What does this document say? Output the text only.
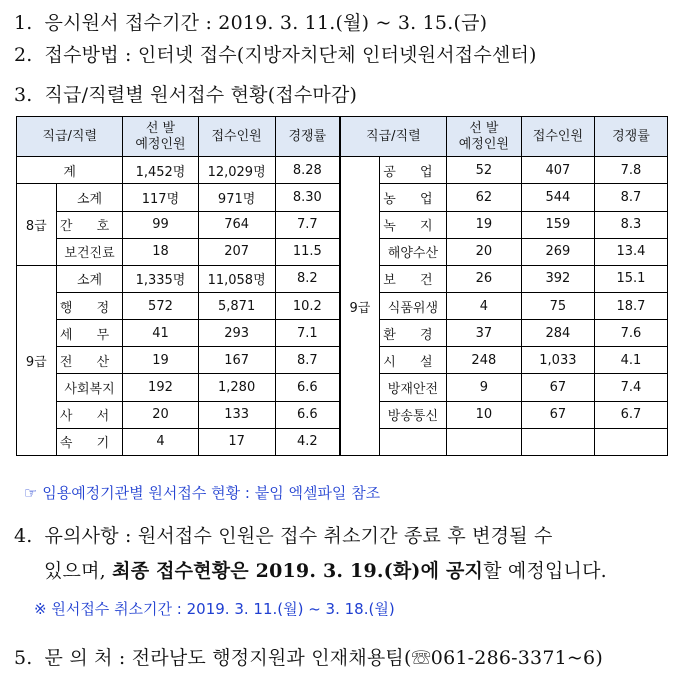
1. 응시원서 접수기간 : 2019. 3. 11.(월) ~ 3. 15.(금)
2. 접수방법 : 인터넷 접수(지방자치단체 인터넷원서접수센터)
3. 직급/직렬별 원서접수 현황(접수마감)
직급/직렬		선 발
예정인원	접수인원	경쟁률	직급/직렬		선 발
예정인원	접수인원	경쟁률
계		1,452명	12,029명	8.28	9급	공 업	52	407	7.8
8급	소계	117명	971명	8.30		농 업	62	544	8.7
	간 호	99	764	7.7		녹 지	19	159	8.3
	보건진료	18	207	11.5		해양수산	20	269	13.4
9급	소계	1,335명	11,058명	8.2		보 건	26	392	15.1
	행 정	572	5,871	10.2		식품위생	4	75	18.7
	세 무	41	293	7.1		환 경	37	284	7.6
	전 산	19	167	8.7		시 설	248	1,033	4.1
	사회복지	192	1,280	6.6		방재안전	9	67	7.4
	사 서	20	133	6.6		방송통신	10	67	6.7
	속 기	4	17	4.2					
☞ 임용예정기관별 원서접수 현황 : 붙임 엑셀파일 참조
4. 유의사항 : 원서접수 인원은 접수 취소기간 종료 후 변경될 수
있으며, 최종 접수현황은 2019. 3. 19.(화)에 공지할 예정입니다.
※ 원서접수 취소기간 : 2019. 3. 11.(월) ~ 3. 18.(월)
5. 문 의 처 : 전라남도 행정지원과 인재채용팀(☏061-286-3371~6)
